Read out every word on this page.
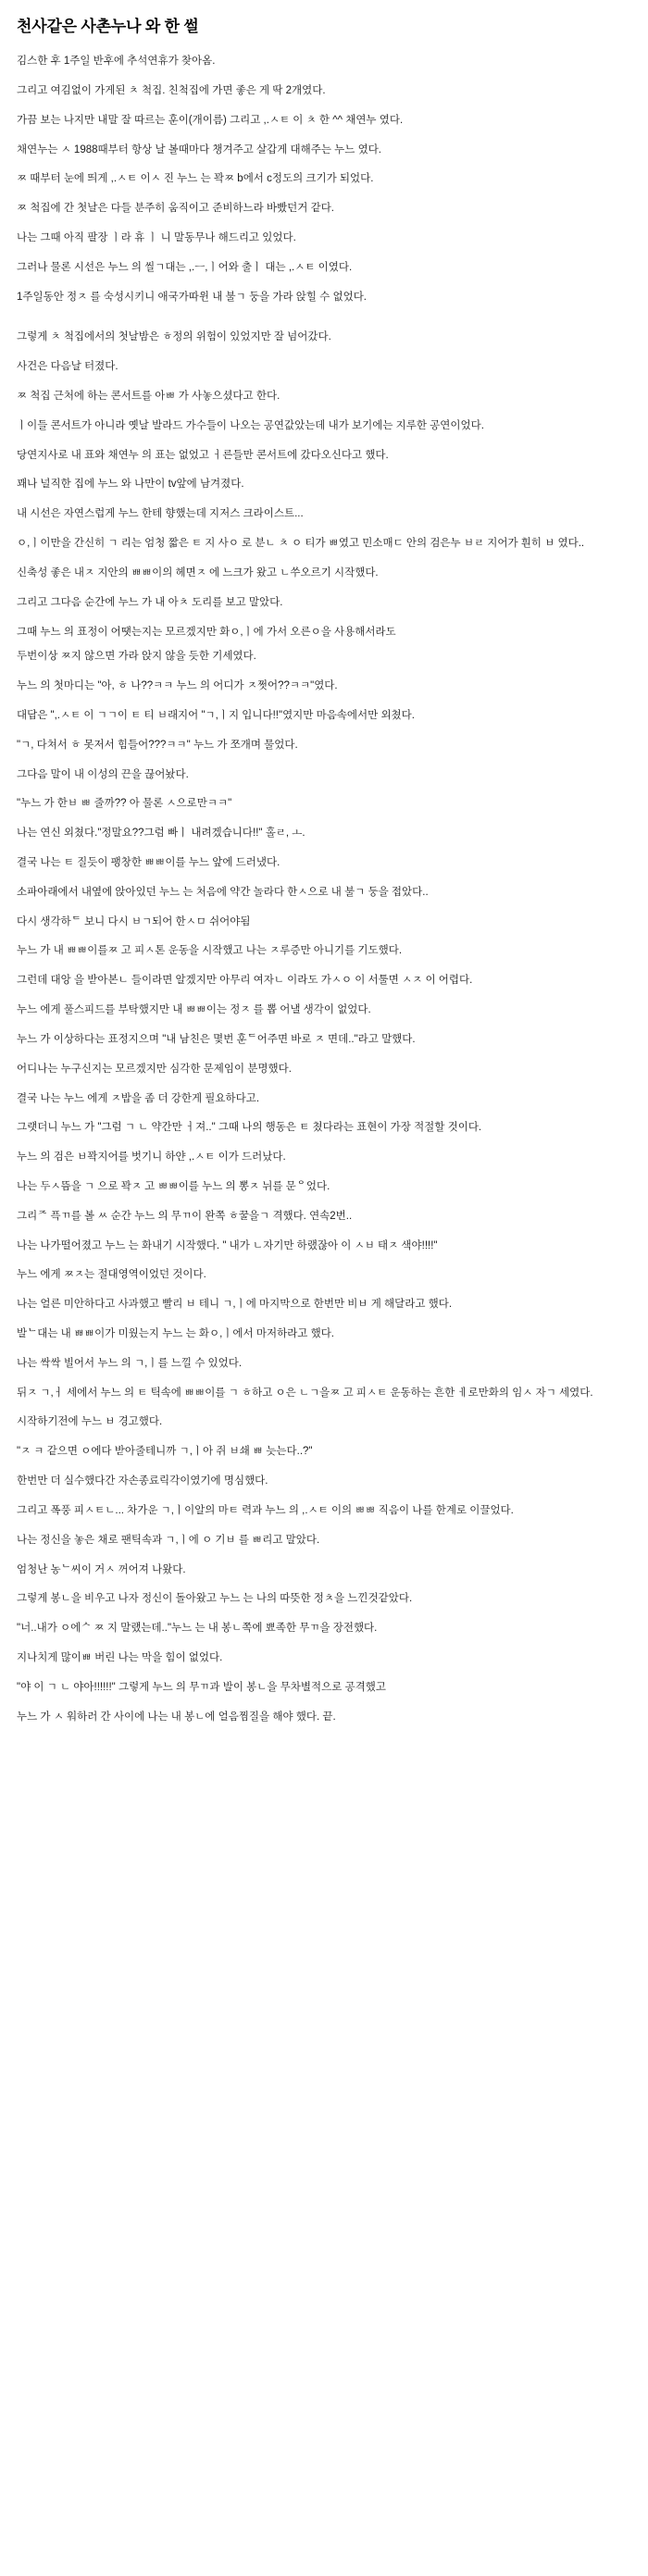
천사같은 사촌누나 와 한 썰

김스한 후 1주일 반후에 추석연휴가 찾아옴.

그리고 여김없이 가게된 ㅊ 척집. 친척집에 가면 좋은 게 딱 2개였다.

가끔 보는 나지만 내말 잘 따르는 훈이(개이름) 그리고 ,.ㅅㅌ 이 ㅊ 한 ^^ 채연누 였다.

채연누는 ㅅ 1988때부터 항상 날 볼때마다 챙겨주고 살갑게 대해주는 누느 였다.

ㅉ 때부터 눈에 띄게 ,.ㅅㅌ 이ㅅ 진 누느 는 꽉ㅉ b에서 c정도의 크기가 되었다.

ㅉ 척집에 간 첫날은 다들 분주히 움직이고 준비하느라 바빴던거 같다.

나는 그때 아직 팔장 ㅣ라 휴 ㅣ 니 말동무나 해드리고 있었다.

그러나 물론 시선은 누느 의 씰ㄱ대는 ,.ㅡ,ㅣ어와 출ㅣ 대는 ,.ㅅㅌ 이였다.

1주일동안 정ㅈ 를 숙성시키니 애국가따윈 내 불ㄱ 둥을 가라 앉힐 수 없었다.

그렇게 ㅊ 척집에서의 첫날밤은 ㅎ정의 위험이 있었지만 잘 넘어갔다.

사건은 다음날 터졌다.

ㅉ 척집 근처에 하는 콘서트를 아ㅃ 가 사놓으셨다고 한다.

ㅣ이들 콘서트가 아니라 옛날 발라드 가수들이 나오는 공연값았는데 내가 보기에는 지루한 공연이었다.

당연지사로 내 표와 채연누 의 표는 없었고 ㅓ른들만 콘서트에 갔다오신다고 했다.

꽤나 널직한 집에 누느 와 나만이 tv앞에 남겨졌다.

내 시선은 자연스럽게 누느 한테 향했는데 지저스 크라이스트...

ㅇ,ㅣ이만을 간신히 ㄱ 리는 엄청 짧은 ㅌ 지 사ㅇ 로 분ㄴ ㅊ ㅇ 티가 ㅃ였고 민소매ㄷ 안의 검은누 ㅂㄹ 지어가 훤히 ㅂ 였다..

신축성 좋은 내ㅈ 지안의 ㅃㅃ이의 헤면ㅈ 에 느크가 왔고 ㄴ쑤오르기 시작했다.

그리고 그다음 순간에 누느 가 내 아ㅊ 도리를 보고 말았다.

그때 누느 의 표정이 어땟는지는 모르겠지만 화ㅇ,ㅣ에 가서 오른ㅇ을 사용해서라도

두번이상 ㅉ지 않으면 가라 앉지 않을 듯한 기세였다.

누느 의 첫마디는 "아, ㅎ 나??ㅋㅋ 누느 의 어디가 ㅈ쩟어??ㅋㅋ"였다.

대답은 ",.ㅅㅌ 이 ㄱㄱ이 ㅌ 티 ㅂ래지어 "ㄱ,ㅣ지 입니다!!"였지만 마음속에서만 외쳤다.

"ㄱ, 다쳐서 ㅎ 못저서 힘들어???ㅋㅋ" 누느 가 쪼개며 물었다.

그다음 말이 내 이성의 끈을 끊어놨다.

"누느 가 한ㅂ ㅃ 줄까?? 아 물론 ㅅ으로만ㅋㅋ"

나는 연신 외쳤다."정말요??그럼 빠ㅣ 내려겠습니다!!" 홀ㄹ, ㅗ.

결국 나는 ㅌ 질듯이 팽창한 ㅃㅃ이를 누느 앞에 드러냈다.

소파아래에서 내옆에 앉아있던 누느 는 처음에 약간 놀라다 한ㅅ으로 내 불ㄱ 둥을 접았다..

다시 생각하ᄃ 보니 다시 ㅂㄱ되어 한ㅅㅁ 쉬어야됨

누느 가 내 ㅃㅃ이를ㅉ 고 피ㅅ톤 운동을 시작했고 나는 ㅈ루증만 아니기를 기도했다.

그런데 대앙 을 받아본ㄴ 들이라면 알겠지만 아무리 여자ㄴ 이라도 가ㅅㅇ 이 서툴면 ㅅㅈ 이 어렵다.

누느 에게 풀스피드를 부탁했지만 내 ㅃㅃ이는 정ㅈ 를 뽑 어낼 생각이 없었다.

누느 가 이상하다는 표정지으며 "내 남친은 몇번 훈ᄃ어주면 바로 ㅈ 면데.."라고 말했다.

어디나는 누구신지는 모르겠지만 심각한 문제임이 분명했다.

결국 나는 누느 에게 ㅈ밥을 좀 더 강한게 필요하다고.

그랫더니 누느 가 "그럼 ㄱ ㄴ 약간만 ㅓ져.." 그때 나의 행동은 ㅌ 쳤다라는 표현이 가장 적절할 것이다.

누느 의 검은 ㅂ꽉지어를 벗기니 하얀 ,.ㅅㅌ 이가 드러났다.

나는 두ㅅ뜸을 ㄱ 으로 꽉ㅈ 고 ㅃㅃ이를 누느 의 뽕ㅈ 뉘를 문ᄋ었다.

그리ᄌ 픅ㄲ를 볼 ㅆ 순간 누느 의 무ㄲ이 완쪽 ㅎ꿀을ㄱ 격했다. 연속2번..

나는 나가떨어졌고 누느 는 화내기 시작했다. " 내가 ㄴ자기만 하랬잖아 이 ㅅㅂ 태ㅈ 색야!!!!"

누느 에게 ㅉㅈ는 절대영역이었던 것이다.

나는 얼른 미안하다고 사과했고 빨리 ㅂ 테니 ㄱ,ㅣ에 마지막으로 한번만 비ㅂ 게 해달라고 했다.

발ᄂ대는 내 ㅃㅃ이가 미웠는지 누느 는 화ㅇ,ㅣ에서 마저하라고 했다.

나는 싹싹 빌어서 누느 의 ㄱ,ㅣ를 느낄 수 있었다.

뒤ㅈ ㄱ,ㅓ 세에서 누느 의 ㅌ 틱속에 ㅃㅃ이를 ㄱ ㅎ하고 ㅇ은 ㄴㄱ을ㅉ 고 피ㅅㅌ 운동하는 흔한 ㅔ로만화의 임ㅅ 자ㄱ 세였다.

시작하기전에 누느 ㅂ 경고했다.

"ㅈ ㅋ 같으면 ㅇ에다 받아줄테니까 ㄱ,ㅣ아 쥐 ㅂ쇄 ㅃ 늣는다..?"

한번만 더 실수했다간 자손종료릭각이였기에 명심했다.

그리고 폭풍 피ㅅㅌㄴ... 차가운 ㄱ,ㅣ이알의 마ㅌ 력과 누느 의 ,.ㅅㅌ 이의 ㅃㅃ 직음이 나를 한계로 이끌었다.

나는 정신을 놓은 채로 팬틱속과 ㄱ,ㅣ에 ㅇ 기ㅂ 를 ㅃ리고 말았다.

엄청난 농ᄂ씨이 거ㅅ 꺼어져 나왔다.

그렇게 봉ㄴ을 비우고 나자 정신이 돌아왔고 누느 는 나의 따뜻한 정ㅊ을 느낀것같았다.

"너..내가 ㅇ에ᄉ ㅉ 지 말랬는데.."누느 는 내 봉ㄴ쪽에 뾰족한 무ㄲ을 장전했다.

지나치게 많이ㅃ 버린 나는 막을 힘이 없었다.

"야 이 ㄱ ㄴ 야아!!!!!!" 그렇게 누느 의 무ㄲ과 발이 봉ㄴ을 무차별적으로 공격했고

누느 가 ㅅ 워하러 간 사이에 나는 내 봉ㄴ에 얼음찜질을 해야 했다. 끝.
